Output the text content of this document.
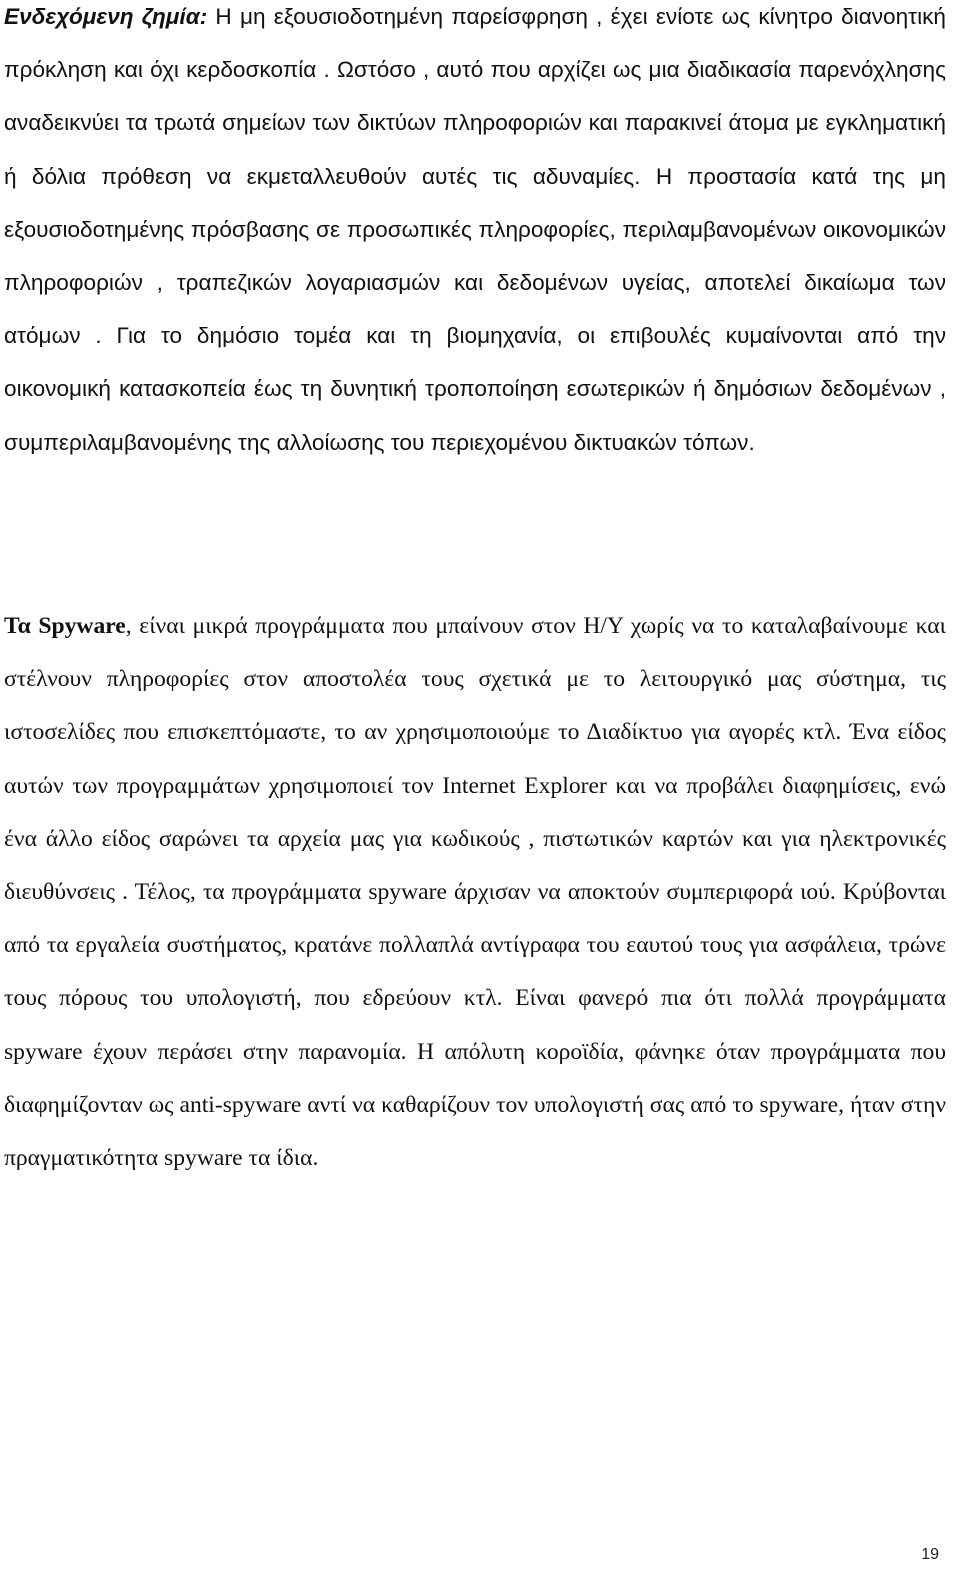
Ενδεχόμενη ζημία: Η μη εξουσιοδοτημένη παρείσφρηση , έχει ενίοτε ως κίνητρο διανοητική πρόκληση και όχι κερδοσκοπία . Ωστόσο , αυτό που αρχίζει ως μια διαδικασία παρενόχλησης αναδεικνύει τα τρωτά σημείων των δικτύων πληροφοριών και παρακινεί άτομα με εγκληματική ή δόλια πρόθεση να εκμεταλλευθούν αυτές τις αδυναμίες. Η προστασία κατά της μη εξουσιοδοτημένης πρόσβασης σε προσωπικές πληροφορίες, περιλαμβανομένων οικονομικών πληροφοριών , τραπεζικών λογαριασμών και δεδομένων υγείας, αποτελεί δικαίωμα των ατόμων . Για το δημόσιο τομέα και τη βιομηχανία, οι επιβουλές κυμαίνονται από την οικονομική κατασκοπεία έως τη δυνητική τροποποίηση εσωτερικών ή δημόσιων δεδομένων , συμπεριλαμβανομένης της αλλοίωσης του περιεχομένου δικτυακών τόπων.

Τα Spyware, είναι μικρά προγράμματα που μπαίνουν στον Η/Υ χωρίς να το καταλαβαίνουμε και στέλνουν πληροφορίες στον αποστολέα τους σχετικά με το λειτουργικό μας σύστημα, τις ιστοσελίδες που επισκεπτόμαστε, το αν χρησιμοποιούμε το Διαδίκτυο για αγορές κτλ. Ένα είδος αυτών των προγραμμάτων χρησιμοποιεί τον Internet Explorer και να προβάλει διαφημίσεις, ενώ ένα άλλο είδος σαρώνει τα αρχεία μας για κωδικούς , πιστωτικών καρτών και για ηλεκτρονικές διευθύνσεις . Τέλος, τα προγράμματα spyware άρχισαν να αποκτούν συμπεριφορά ιού. Κρύβονται από τα εργαλεία συστήματος, κρατάνε πολλαπλά αντίγραφα του εαυτού τους για ασφάλεια, τρώνε τους πόρους του υπολογιστή, που εδρεύουν κτλ. Είναι φανερό πια ότι πολλά προγράμματα spyware έχουν περάσει στην παρανομία. Η απόλυτη κοροϊδία, φάνηκε όταν προγράμματα που διαφημίζονταν ως anti-spyware αντί να καθαρίζουν τον υπολογιστή σας από το spyware, ήταν στην πραγματικότητα spyware τα ίδια.

19
